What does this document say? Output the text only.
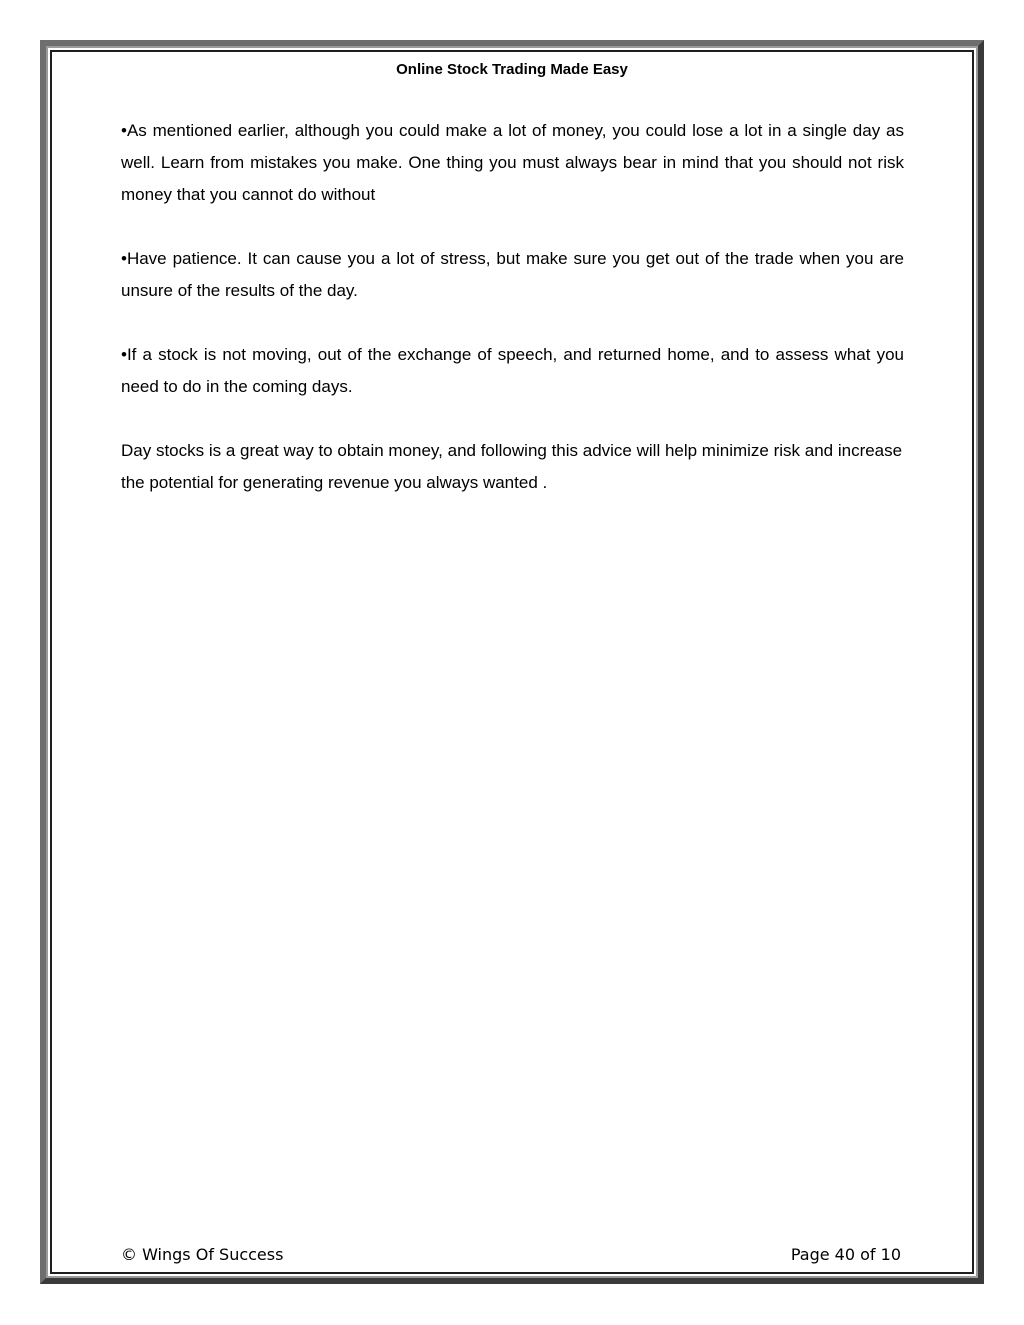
Online Stock Trading Made Easy

•As mentioned earlier, although you could make a lot of money, you could lose a lot in a single day as well. Learn from mistakes you make. One thing you must always bear in mind that you should not risk money that you cannot do without

•Have patience. It can cause you a lot of stress, but make sure you get out of the trade when you are unsure of the results of the day.

•If a stock is not moving, out of the exchange of speech, and returned home, and to assess what you need to do in the coming days.

Day stocks is a great way to obtain money, and following this advice will help minimize risk and increase the potential for generating revenue you always wanted .

© Wings Of Success	Page 40 of 10
